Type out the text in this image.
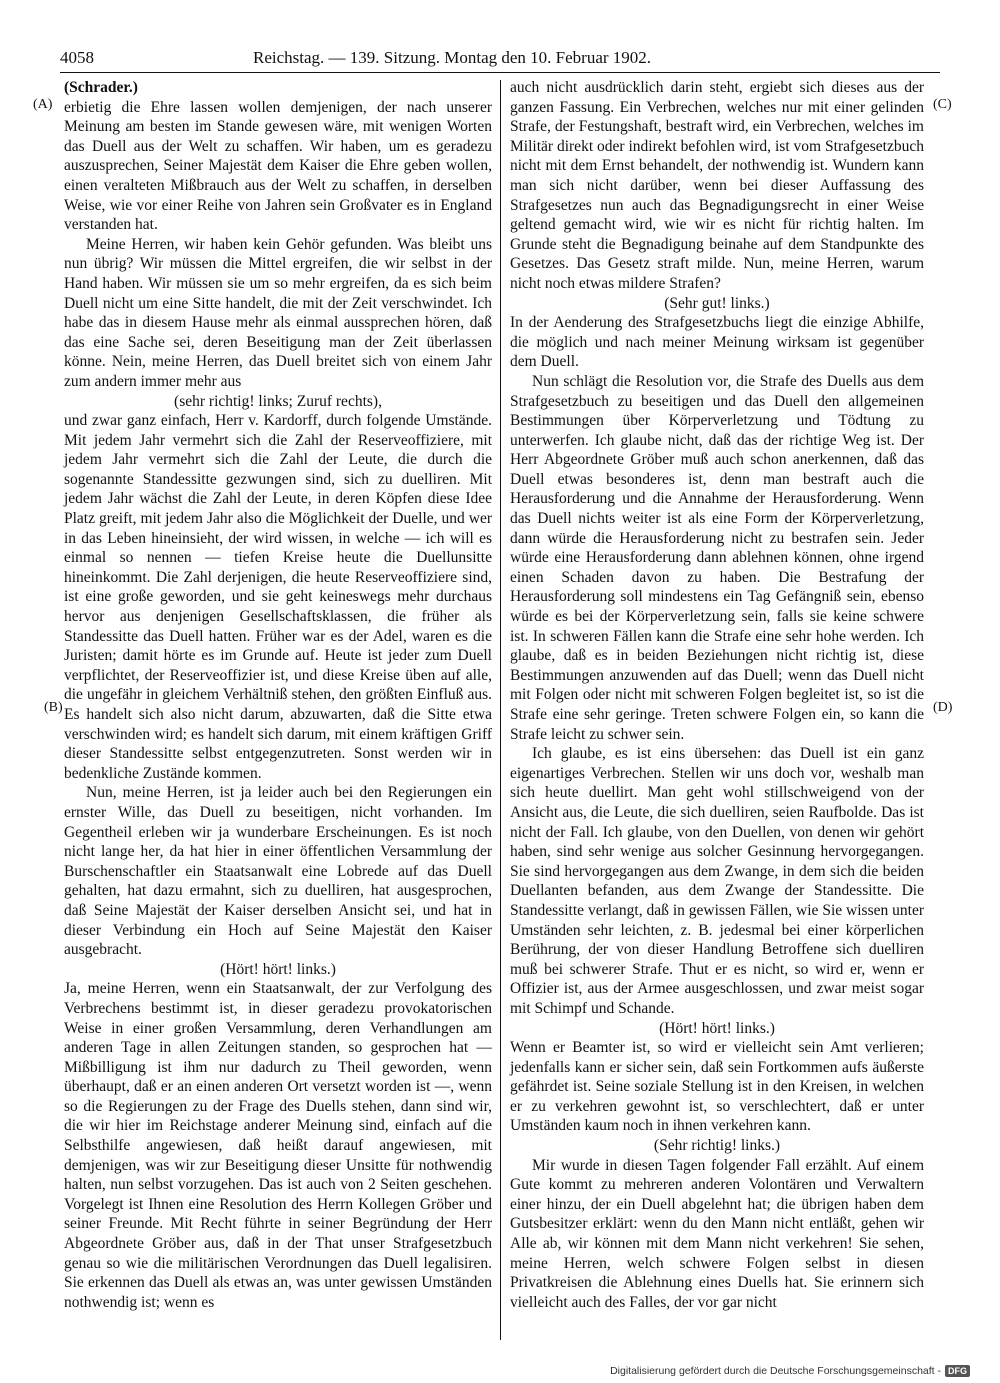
4058	Reichstag. — 139. Sitzung. Montag den 10. Februar 1902.
(A)
(B)
(C)
(D)

(Schrader.)

erbietig die Ehre lassen wollen demjenigen, der nach unserer Meinung am besten im Stande gewesen wäre, mit wenigen Worten das Duell aus der Welt zu schaffen. Wir haben, um es geradezu auszusprechen, Seiner Majestät dem Kaiser die Ehre geben wollen, einen veralteten Mißbrauch aus der Welt zu schaffen, in derselben Weise, wie vor einer Reihe von Jahren sein Großvater es in England verstanden hat.

Meine Herren, wir haben kein Gehör gefunden. Was bleibt uns nun übrig? Wir müssen die Mittel ergreifen, die wir selbst in der Hand haben. Wir müssen sie um so mehr ergreifen, da es sich beim Duell nicht um eine Sitte handelt, die mit der Zeit verschwindet. Ich habe das in diesem Hause mehr als einmal aussprechen hören, daß das eine Sache sei, deren Beseitigung man der Zeit überlassen könne. Nein, meine Herren, das Duell breitet sich von einem Jahr zum andern immer mehr aus

(sehr richtig! links; Zuruf rechts),

und zwar ganz einfach, Herr v. Kardorff, durch folgende Umstände. Mit jedem Jahr vermehrt sich die Zahl der Reserveoffiziere, mit jedem Jahr vermehrt sich die Zahl der Leute, die durch die sogenannte Standessitte gezwungen sind, sich zu duelliren. Mit jedem Jahr wächst die Zahl der Leute, in deren Köpfen diese Idee Platz greift, mit jedem Jahr also die Möglichkeit der Duelle, und wer in das Leben hineinsieht, der wird wissen, in welche — ich will es einmal so nennen — tiefen Kreise heute die Duellunsitte hineinkommt. Die Zahl derjenigen, die heute Reserveoffiziere sind, ist eine große geworden, und sie geht keineswegs mehr durchaus hervor aus denjenigen Gesellschaftsklassen, die früher als Standessitte das Duell hatten. Früher war es der Adel, waren es die Juristen; damit hörte es im Grunde auf. Heute ist jeder zum Duell verpflichtet, der Reserveoffizier ist, und diese Kreise üben auf alle, die ungefähr in gleichem Verhältniß stehen, den größten Einfluß aus. Es handelt sich also nicht darum, abzuwarten, daß die Sitte etwa verschwinden wird; es handelt sich darum, mit einem kräftigen Griff dieser Standessitte selbst entgegenzutreten. Sonst werden wir in bedenkliche Zustände kommen.

Nun, meine Herren, ist ja leider auch bei den Regierungen ein ernster Wille, das Duell zu beseitigen, nicht vorhanden. Im Gegentheil erleben wir ja wunderbare Erscheinungen. Es ist noch nicht lange her, da hat hier in einer öffentlichen Versammlung der Burschenschaftler ein Staatsanwalt eine Lobrede auf das Duell gehalten, hat dazu ermahnt, sich zu duelliren, hat ausgesprochen, daß Seine Majestät der Kaiser derselben Ansicht sei, und hat in dieser Verbindung ein Hoch auf Seine Majestät den Kaiser ausgebracht.

(Hört! hört! links.)

Ja, meine Herren, wenn ein Staatsanwalt, der zur Verfolgung des Verbrechens bestimmt ist, in dieser geradezu provokatorischen Weise in einer großen Versammlung, deren Verhandlungen am anderen Tage in allen Zeitungen standen, so gesprochen hat — Mißbilligung ist ihm nur dadurch zu Theil geworden, wenn überhaupt, daß er an einen anderen Ort versetzt worden ist —, wenn so die Regierungen zu der Frage des Duells stehen, dann sind wir, die wir hier im Reichstage anderer Meinung sind, einfach auf die Selbsthilfe angewiesen, daß heißt darauf angewiesen, mit demjenigen, was wir zur Beseitigung dieser Unsitte für nothwendig halten, nun selbst vorzugehen. Das ist auch von 2 Seiten geschehen. Vorgelegt ist Ihnen eine Resolution des Herrn Kollegen Gröber und seiner Freunde. Mit Recht führte in seiner Begründung der Herr Abgeordnete Gröber aus, daß in der That unser Strafgesetzbuch genau so wie die militärischen Verordnungen das Duell legalisiren. Sie erkennen das Duell als etwas an, was unter gewissen Umständen nothwendig ist; wenn es

auch nicht ausdrücklich darin steht, ergiebt sich dieses aus der ganzen Fassung. Ein Verbrechen, welches nur mit einer gelinden Strafe, der Festungshaft, bestraft wird, ein Verbrechen, welches im Militär direkt oder indirekt befohlen wird, ist vom Strafgesetzbuch nicht mit dem Ernst behandelt, der nothwendig ist. Wundern kann man sich nicht darüber, wenn bei dieser Auffassung des Strafgesetzes nun auch das Begnadigungsrecht in einer Weise geltend gemacht wird, wie wir es nicht für richtig halten. Im Grunde steht die Begnadigung beinahe auf dem Standpunkte des Gesetzes. Das Gesetz straft milde. Nun, meine Herren, warum nicht noch etwas mildere Strafen?

(Sehr gut! links.)

In der Aenderung des Strafgesetzbuchs liegt die einzige Abhilfe, die möglich und nach meiner Meinung wirksam ist gegenüber dem Duell.

Nun schlägt die Resolution vor, die Strafe des Duells aus dem Strafgesetzbuch zu beseitigen und das Duell den allgemeinen Bestimmungen über Körperverletzung und Tödtung zu unterwerfen. Ich glaube nicht, daß das der richtige Weg ist. Der Herr Abgeordnete Gröber muß auch schon anerkennen, daß das Duell etwas besonderes ist, denn man bestraft auch die Herausforderung und die Annahme der Herausforderung. Wenn das Duell nichts weiter ist als eine Form der Körperverletzung, dann würde die Herausforderung nicht zu bestrafen sein. Jeder würde eine Herausforderung dann ablehnen können, ohne irgend einen Schaden davon zu haben. Die Bestrafung der Herausforderung soll mindestens ein Tag Gefängniß sein, ebenso würde es bei der Körperverletzung sein, falls sie keine schwere ist. In schweren Fällen kann die Strafe eine sehr hohe werden. Ich glaube, daß es in beiden Beziehungen nicht richtig ist, diese Bestimmungen anzuwenden auf das Duell; wenn das Duell nicht mit Folgen oder nicht mit schweren Folgen begleitet ist, so ist die Strafe eine sehr geringe. Treten schwere Folgen ein, so kann die Strafe leicht zu schwer sein.

Ich glaube, es ist eins übersehen: das Duell ist ein ganz eigenartiges Verbrechen. Stellen wir uns doch vor, weshalb man sich heute duellirt. Man geht wohl stillschweigend von der Ansicht aus, die Leute, die sich duelliren, seien Raufbolde. Das ist nicht der Fall. Ich glaube, von den Duellen, von denen wir gehört haben, sind sehr wenige aus solcher Gesinnung hervorgegangen. Sie sind hervorgegangen aus dem Zwange, in dem sich die beiden Duellanten befanden, aus dem Zwange der Standessitte. Die Standessitte verlangt, daß in gewissen Fällen, wie Sie wissen unter Umständen sehr leichten, z. B. jedesmal bei einer körperlichen Berührung, der von dieser Handlung Betroffene sich duelliren muß bei schwerer Strafe. Thut er es nicht, so wird er, wenn er Offizier ist, aus der Armee ausgeschlossen, und zwar meist sogar mit Schimpf und Schande.

(Hört! hört! links.)

Wenn er Beamter ist, so wird er vielleicht sein Amt verlieren; jedenfalls kann er sicher sein, daß sein Fortkommen aufs äußerste gefährdet ist. Seine soziale Stellung ist in den Kreisen, in welchen er zu verkehren gewohnt ist, so verschlechtert, daß er unter Umständen kaum noch in ihnen verkehren kann.

(Sehr richtig! links.)

Mir wurde in diesen Tagen folgender Fall erzählt. Auf einem Gute kommt zu mehreren anderen Volontären und Verwaltern einer hinzu, der ein Duell abgelehnt hat; die übrigen haben dem Gutsbesitzer erklärt: wenn du den Mann nicht entläßt, gehen wir Alle ab, wir können mit dem Mann nicht verkehren! Sie sehen, meine Herren, welch schwere Folgen selbst in diesen Privatkreisen die Ablehnung eines Duells hat. Sie erinnern sich vielleicht auch des Falles, der vor gar nicht

Digitalisierung gefördert durch die Deutsche Forschungsgemeinschaft - DFG
